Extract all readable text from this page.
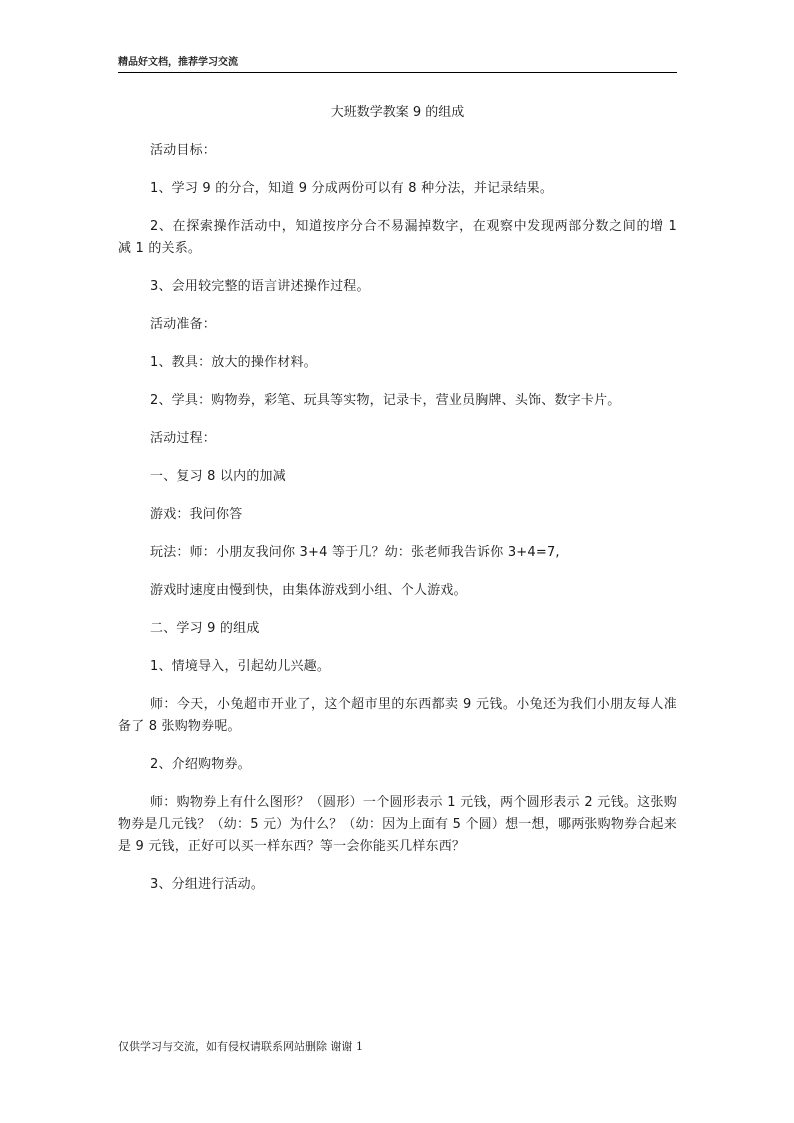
精品好文档，推荐学习交流
大班数学教案 9 的组成

活动目标：

1、学习 9 的分合，知道 9 分成两份可以有 8 种分法，并记录结果。

2、在探索操作活动中，知道按序分合不易漏掉数字，在观察中发现两部分数之间的增 1 减 1 的关系。

3、会用较完整的语言讲述操作过程。

活动准备：

1、教具：放大的操作材料。

2、学具：购物券，彩笔、玩具等实物，记录卡，营业员胸牌、头饰、数字卡片。

活动过程：

一、复习 8 以内的加减

游戏：我问你答

玩法：师：小朋友我问你 3+4 等于几？幼：张老师我告诉你 3+4=7,

游戏时速度由慢到快，由集体游戏到小组、个人游戏。

二、学习 9 的组成

1、情境导入，引起幼儿兴趣。

师：今天，小兔超市开业了，这个超市里的东西都卖 9 元钱。小兔还为我们小朋友每人准备了 8 张购物券呢。

2、介绍购物券。

师：购物券上有什么图形？（圆形）一个圆形表示 1 元钱，两个圆形表示 2 元钱。这张购物券是几元钱？（幼：5 元）为什么？（幼：因为上面有 5 个圆）想一想，哪两张购物券合起来是 9 元钱，正好可以买一样东西？等一会你能买几样东西？

3、分组进行活动。

仅供学习与交流，如有侵权请联系网站删除 谢谢 1
